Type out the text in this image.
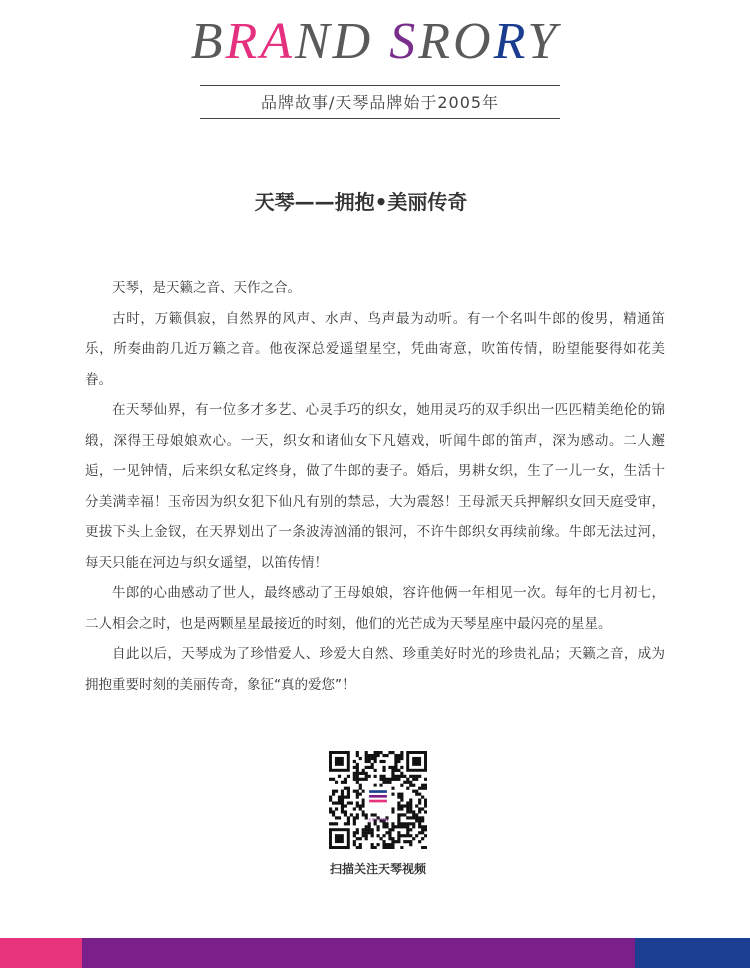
BRAND SRORY
品牌故事/天琴品牌始于2005年
天琴——拥抱•美丽传奇

天琴，是天籁之音、天作之合。

古时，万籁俱寂，自然界的风声、水声、鸟声最为动听。有一个名叫牛郎的俊男，精通笛乐，所奏曲韵几近万籁之音。他夜深总爱遥望星空，凭曲寄意，吹笛传情，盼望能娶得如花美眷。

在天琴仙界，有一位多才多艺、心灵手巧的织女，她用灵巧的双手织出一匹匹精美绝伦的锦缎，深得王母娘娘欢心。一天，织女和诸仙女下凡嬉戏，听闻牛郎的笛声，深为感动。二人邂逅，一见钟情，后来织女私定终身，做了牛郎的妻子。婚后，男耕女织，生了一儿一女，生活十分美满幸福！玉帝因为织女犯下仙凡有别的禁忌，大为震怒！王母派天兵押解织女回天庭受审，更拔下头上金钗，在天界划出了一条波涛汹涌的银河，不许牛郎织女再续前缘。牛郎无法过河，每天只能在河边与织女遥望，以笛传情！

牛郎的心曲感动了世人，最终感动了王母娘娘，容许他俩一年相见一次。每年的七月初七，二人相会之时，也是两颗星星最接近的时刻，他们的光芒成为天琴星座中最闪亮的星星。

自此以后，天琴成为了珍惜爱人、珍爱大自然、珍重美好时光的珍贵礼品；天籁之音，成为拥抱重要时刻的美丽传奇，象征“真的爱您”！

天琴 TISEN
扫描关注天琴视频
